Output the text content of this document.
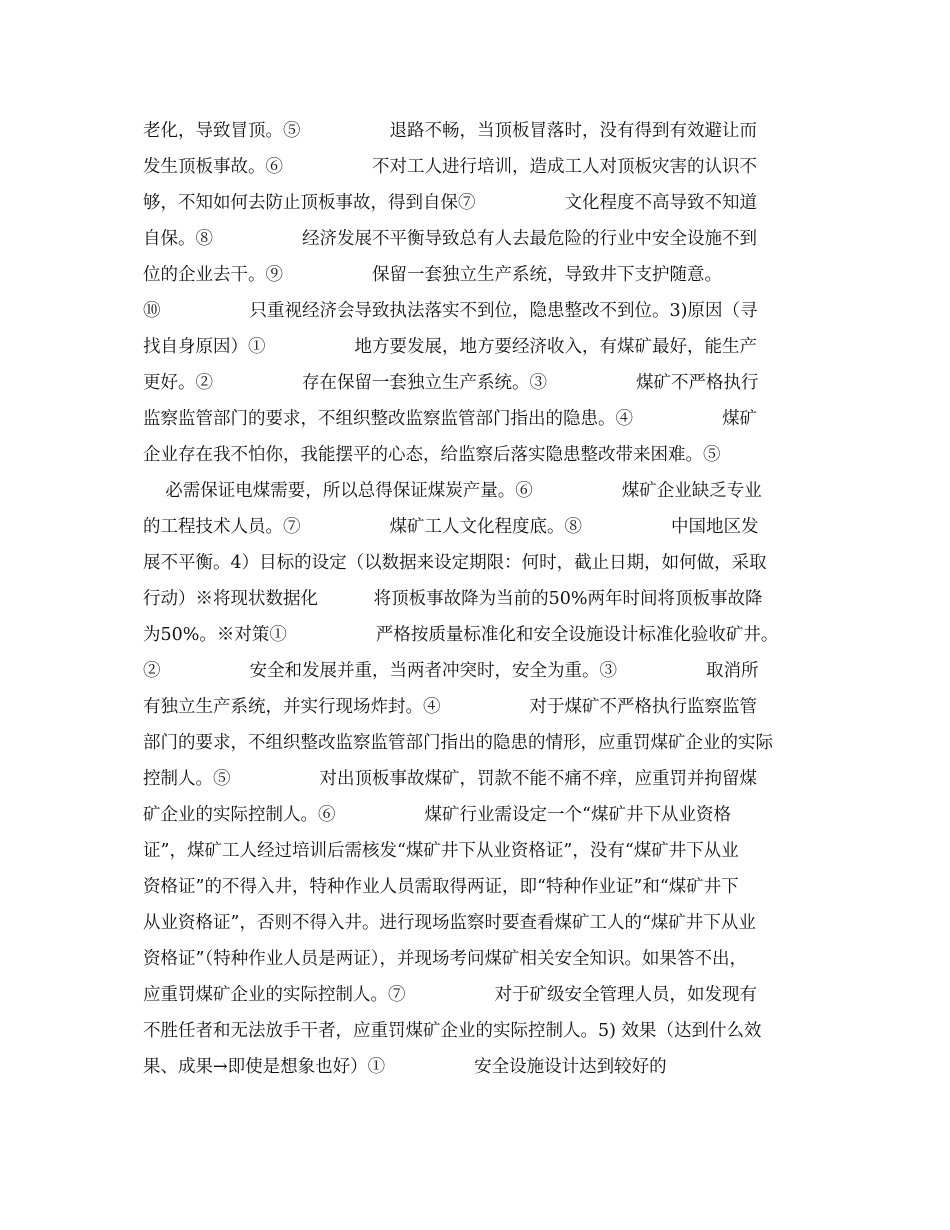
老化，导致冒顶。⑤                退路不畅，当顶板冒落时，没有得到有效避让而
发生顶板事故。⑥                不对工人进行培训，造成工人对顶板灾害的认识不
够，不知如何去防止顶板事故，得到自保⑦                文化程度不高导致不知道
自保。⑧                经济发展不平衡导致总有人去最危险的行业中安全设施不到
位的企业去干。⑨                保留一套独立生产系统，导致井下支护随意。
⑩                只重视经济会导致执法落实不到位，隐患整改不到位。3)原因（寻
找自身原因）①                地方要发展，地方要经济收入，有煤矿最好，能生产
更好。②                存在保留一套独立生产系统。③                煤矿不严格执行
监察监管部门的要求，不组织整改监察监管部门指出的隐患。④                煤矿
企业存在我不怕你，我能摆平的心态，给监察后落实隐患整改带来困难。⑤
必需保证电煤需要，所以总得保证煤炭产量。⑥                煤矿企业缺乏专业
的工程技术人员。⑦                煤矿工人文化程度底。⑧                中国地区发
展不平衡。4）目标的设定（以数据来设定期限：何时，截止日期，如何做，采取
行动）※将现状数据化          将顶板事故降为当前的50%两年时间将顶板事故降
为50%。※对策①                严格按质量标准化和安全设施设计标准化验收矿井。
②                安全和发展并重，当两者冲突时，安全为重。③                取消所
有独立生产系统，并实行现场炸封。④                对于煤矿不严格执行监察监管
部门的要求，不组织整改监察监管部门指出的隐患的情形，应重罚煤矿企业的实际
控制人。⑤                对出顶板事故煤矿，罚款不能不痛不痒，应重罚并拘留煤
矿企业的实际控制人。⑥                煤矿行业需设定一个“煤矿井下从业资格
证”，煤矿工人经过培训后需核发“煤矿井下从业资格证”，没有“煤矿井下从业
资格证”的不得入井，特种作业人员需取得两证，即“特种作业证”和“煤矿井下
从业资格证”，否则不得入井。进行现场监察时要查看煤矿工人的“煤矿井下从业
资格证”（特种作业人员是两证），并现场考问煤矿相关安全知识。如果答不出，
应重罚煤矿企业的实际控制人。⑦                对于矿级安全管理人员，如发现有
不胜任者和无法放手干者，应重罚煤矿企业的实际控制人。5) 效果（达到什么效
果、成果→即使是想象也好）①                安全设施设计达到较好的
